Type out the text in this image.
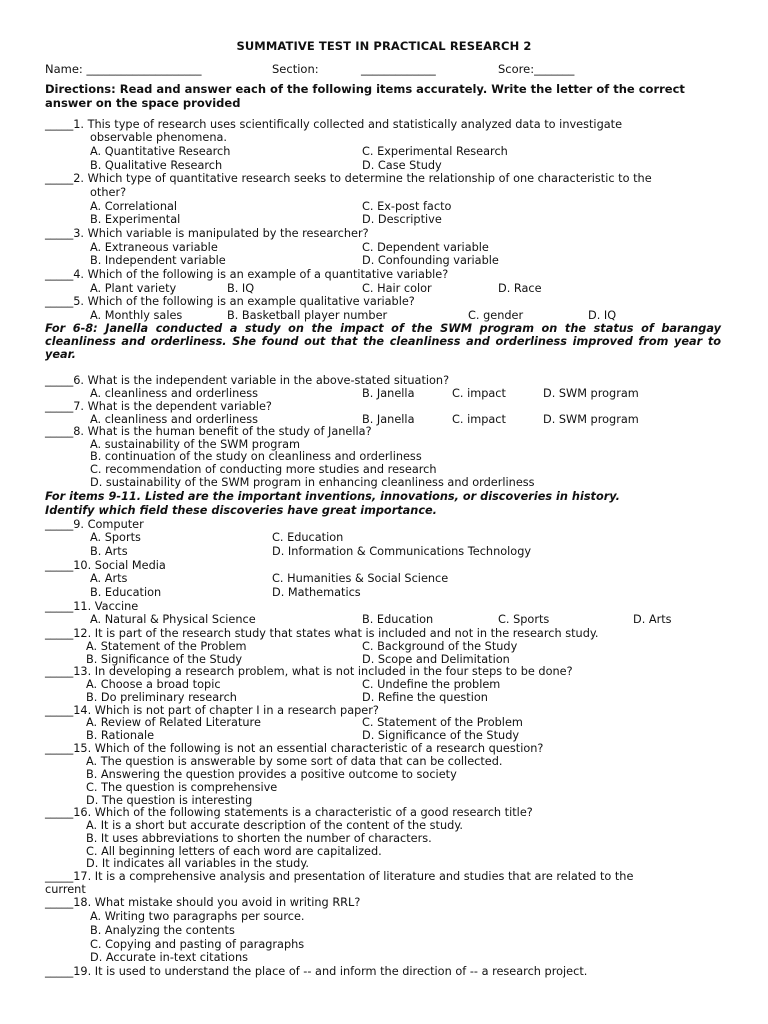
SUMMATIVE TEST IN PRACTICAL RESEARCH 2
Name: ____________________	Section:	_____________	Score:_______
Directions: Read and answer each of the following items accurately. Write the letter of the correct answer on the space provided
_____1. This type of research uses scientifically collected and statistically analyzed data to investigate
observable phenomena.
A. Quantitative Research	C. Experimental Research
B. Qualitative Research	D. Case Study
_____2. Which type of quantitative research seeks to determine the relationship of one characteristic to the
other?
A. Correlational	C. Ex-post facto
B. Experimental	D. Descriptive
_____3. Which variable is manipulated by the researcher?
A. Extraneous variable	C. Dependent variable
B. Independent variable	D. Confounding variable
_____4. Which of the following is an example of a quantitative variable?
A. Plant variety	B. IQ	C. Hair color	D. Race
_____5. Which of the following is an example qualitative variable?
A. Monthly sales	B. Basketball player number	C. gender	D. IQ
For 6-8: Janella conducted a study on the impact of the SWM program on the status of barangay cleanliness and orderliness. She found out that the cleanliness and orderliness improved from year to year.
_____6. What is the independent variable in the above-stated situation?
A. cleanliness and orderliness	B. Janella	C. impact	D. SWM program
_____7. What is the dependent variable?
A. cleanliness and orderliness	B. Janella	C. impact	D. SWM program
_____8. What is the human benefit of the study of Janella?
A. sustainability of the SWM program
B. continuation of the study on cleanliness and orderliness
C. recommendation of conducting more studies and research
D. sustainability of the SWM program in enhancing cleanliness and orderliness
For items 9-11. Listed are the important inventions, innovations, or discoveries in history.
Identify which field these discoveries have great importance.
_____9. Computer
A. Sports	C. Education
B. Arts	D. Information & Communications Technology
_____10. Social Media
A. Arts	C. Humanities & Social Science
B. Education	D. Mathematics
_____11. Vaccine
A. Natural & Physical Science	B. Education	C. Sports	D. Arts
_____12. It is part of the research study that states what is included and not in the research study.
A. Statement of the Problem	C. Background of the Study
B. Significance of the Study	D. Scope and Delimitation
_____13. In developing a research problem, what is not included in the four steps to be done?
A. Choose a broad topic	C. Undefine the problem
B. Do preliminary research	D. Refine the question
_____14. Which is not part of chapter I in a research paper?
A. Review of Related Literature	C. Statement of the Problem
B. Rationale	D. Significance of the Study
_____15. Which of the following is not an essential characteristic of a research question?
A. The question is answerable by some sort of data that can be collected.
B. Answering the question provides a positive outcome to society
C. The question is comprehensive
D. The question is interesting
_____16. Which of the following statements is a characteristic of a good research title?
A. It is a short but accurate description of the content of the study.
B. It uses abbreviations to shorten the number of characters.
C. All beginning letters of each word are capitalized.
D. It indicates all variables in the study.
_____17. It is a comprehensive analysis and presentation of literature and studies that are related to the
current
_____18. What mistake should you avoid in writing RRL?
A. Writing two paragraphs per source.
B. Analyzing the contents
C. Copying and pasting of paragraphs
D. Accurate in-text citations
_____19. It is used to understand the place of -- and inform the direction of -- a research project.
